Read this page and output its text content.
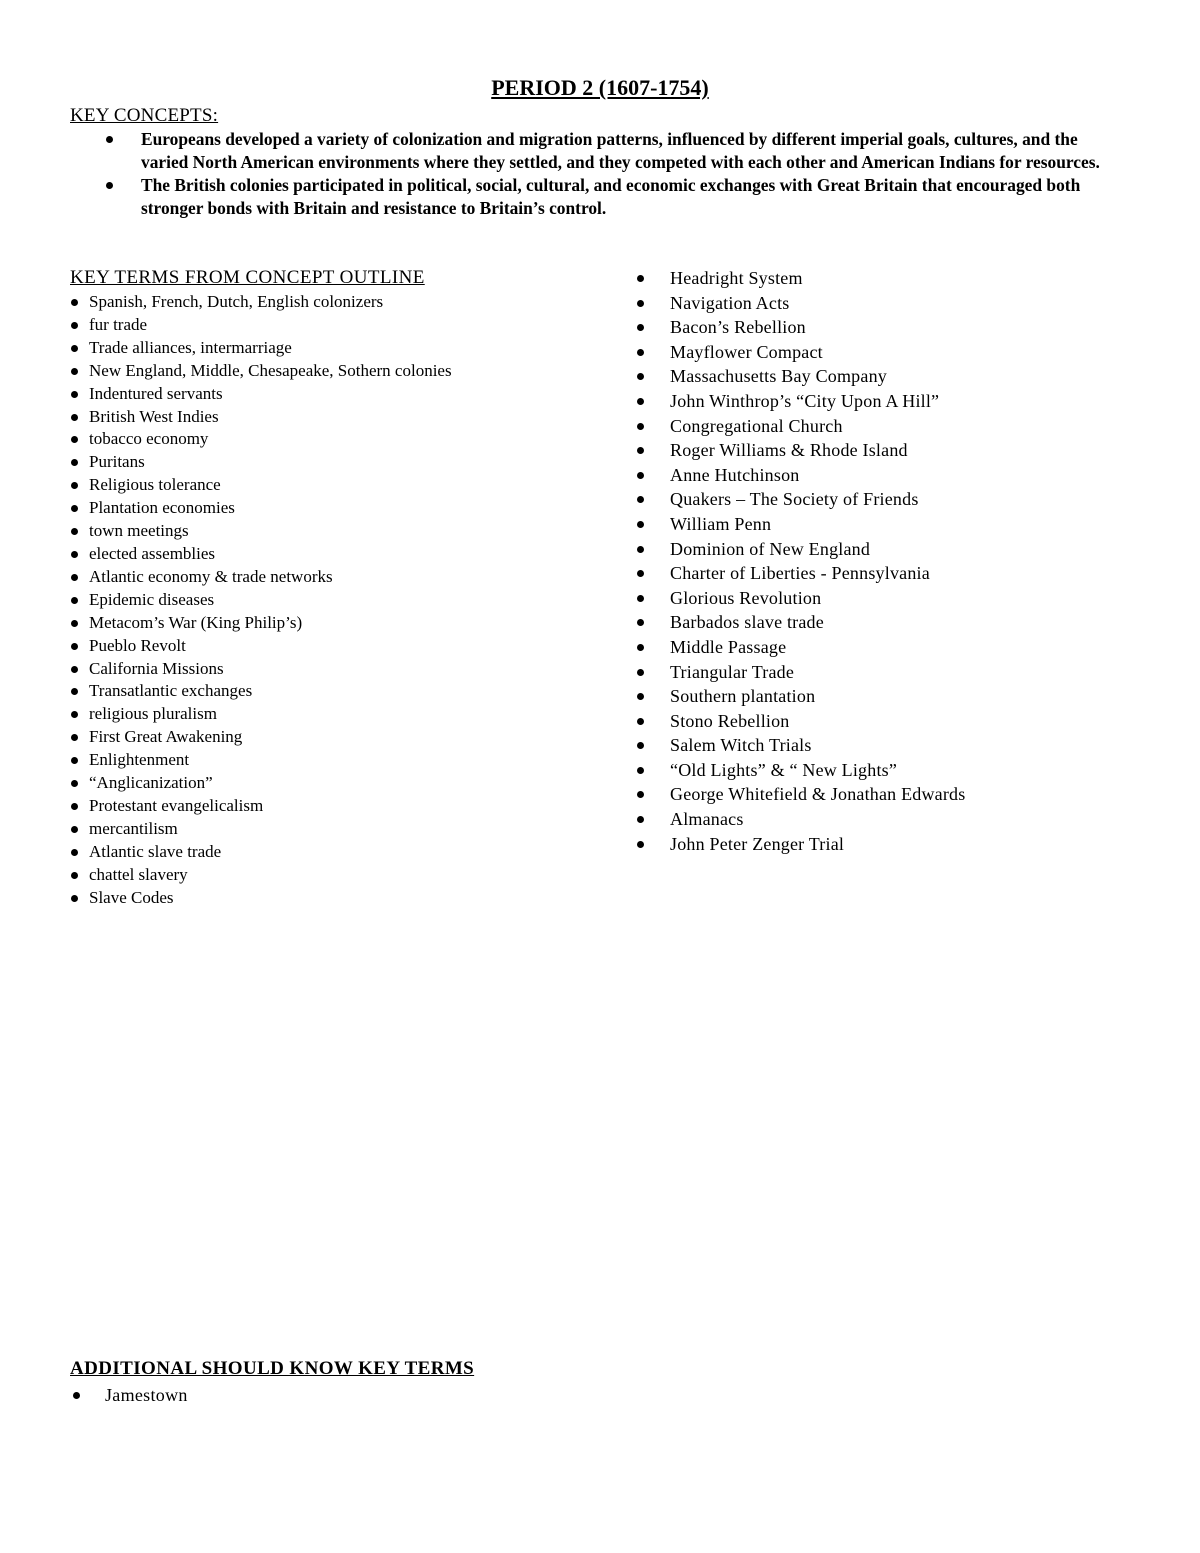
PERIOD 2 (1607-1754)
KEY CONCEPTS:
Europeans developed a variety of colonization and migration patterns, influenced by different imperial goals, cultures, and the varied North American environments where they settled, and they competed with each other and American Indians for resources.
The British colonies participated in political, social, cultural, and economic exchanges with Great Britain that encouraged both stronger bonds with Britain and resistance to Britain’s control.
KEY TERMS FROM CONCEPT OUTLINE
Spanish, French, Dutch, English colonizers
fur trade
Trade alliances, intermarriage
New England, Middle, Chesapeake, Sothern colonies
Indentured servants
British West Indies
tobacco economy
Puritans
Religious tolerance
Plantation economies
town meetings
elected assemblies
Atlantic economy & trade networks
Epidemic diseases
Metacom’s War (King Philip’s)
Pueblo Revolt
California Missions
Transatlantic exchanges
religious pluralism
First Great Awakening
Enlightenment
“Anglicanization”
Protestant evangelicalism
mercantilism
Atlantic slave trade
chattel slavery
Slave Codes
Headright System
Navigation Acts
Bacon’s Rebellion
Mayflower Compact
Massachusetts Bay Company
John Winthrop’s “City Upon A Hill”
Congregational Church
Roger Williams & Rhode Island
Anne Hutchinson
Quakers – The Society of Friends
William Penn
Dominion of New England
Charter of Liberties - Pennsylvania
Glorious Revolution
Barbados slave trade
Middle Passage
Triangular Trade
Southern plantation
Stono Rebellion
Salem Witch Trials
“Old Lights” & “ New Lights”
George Whitefield & Jonathan Edwards
Almanacs
John Peter Zenger Trial
ADDITIONAL SHOULD KNOW KEY TERMS
Jamestown
